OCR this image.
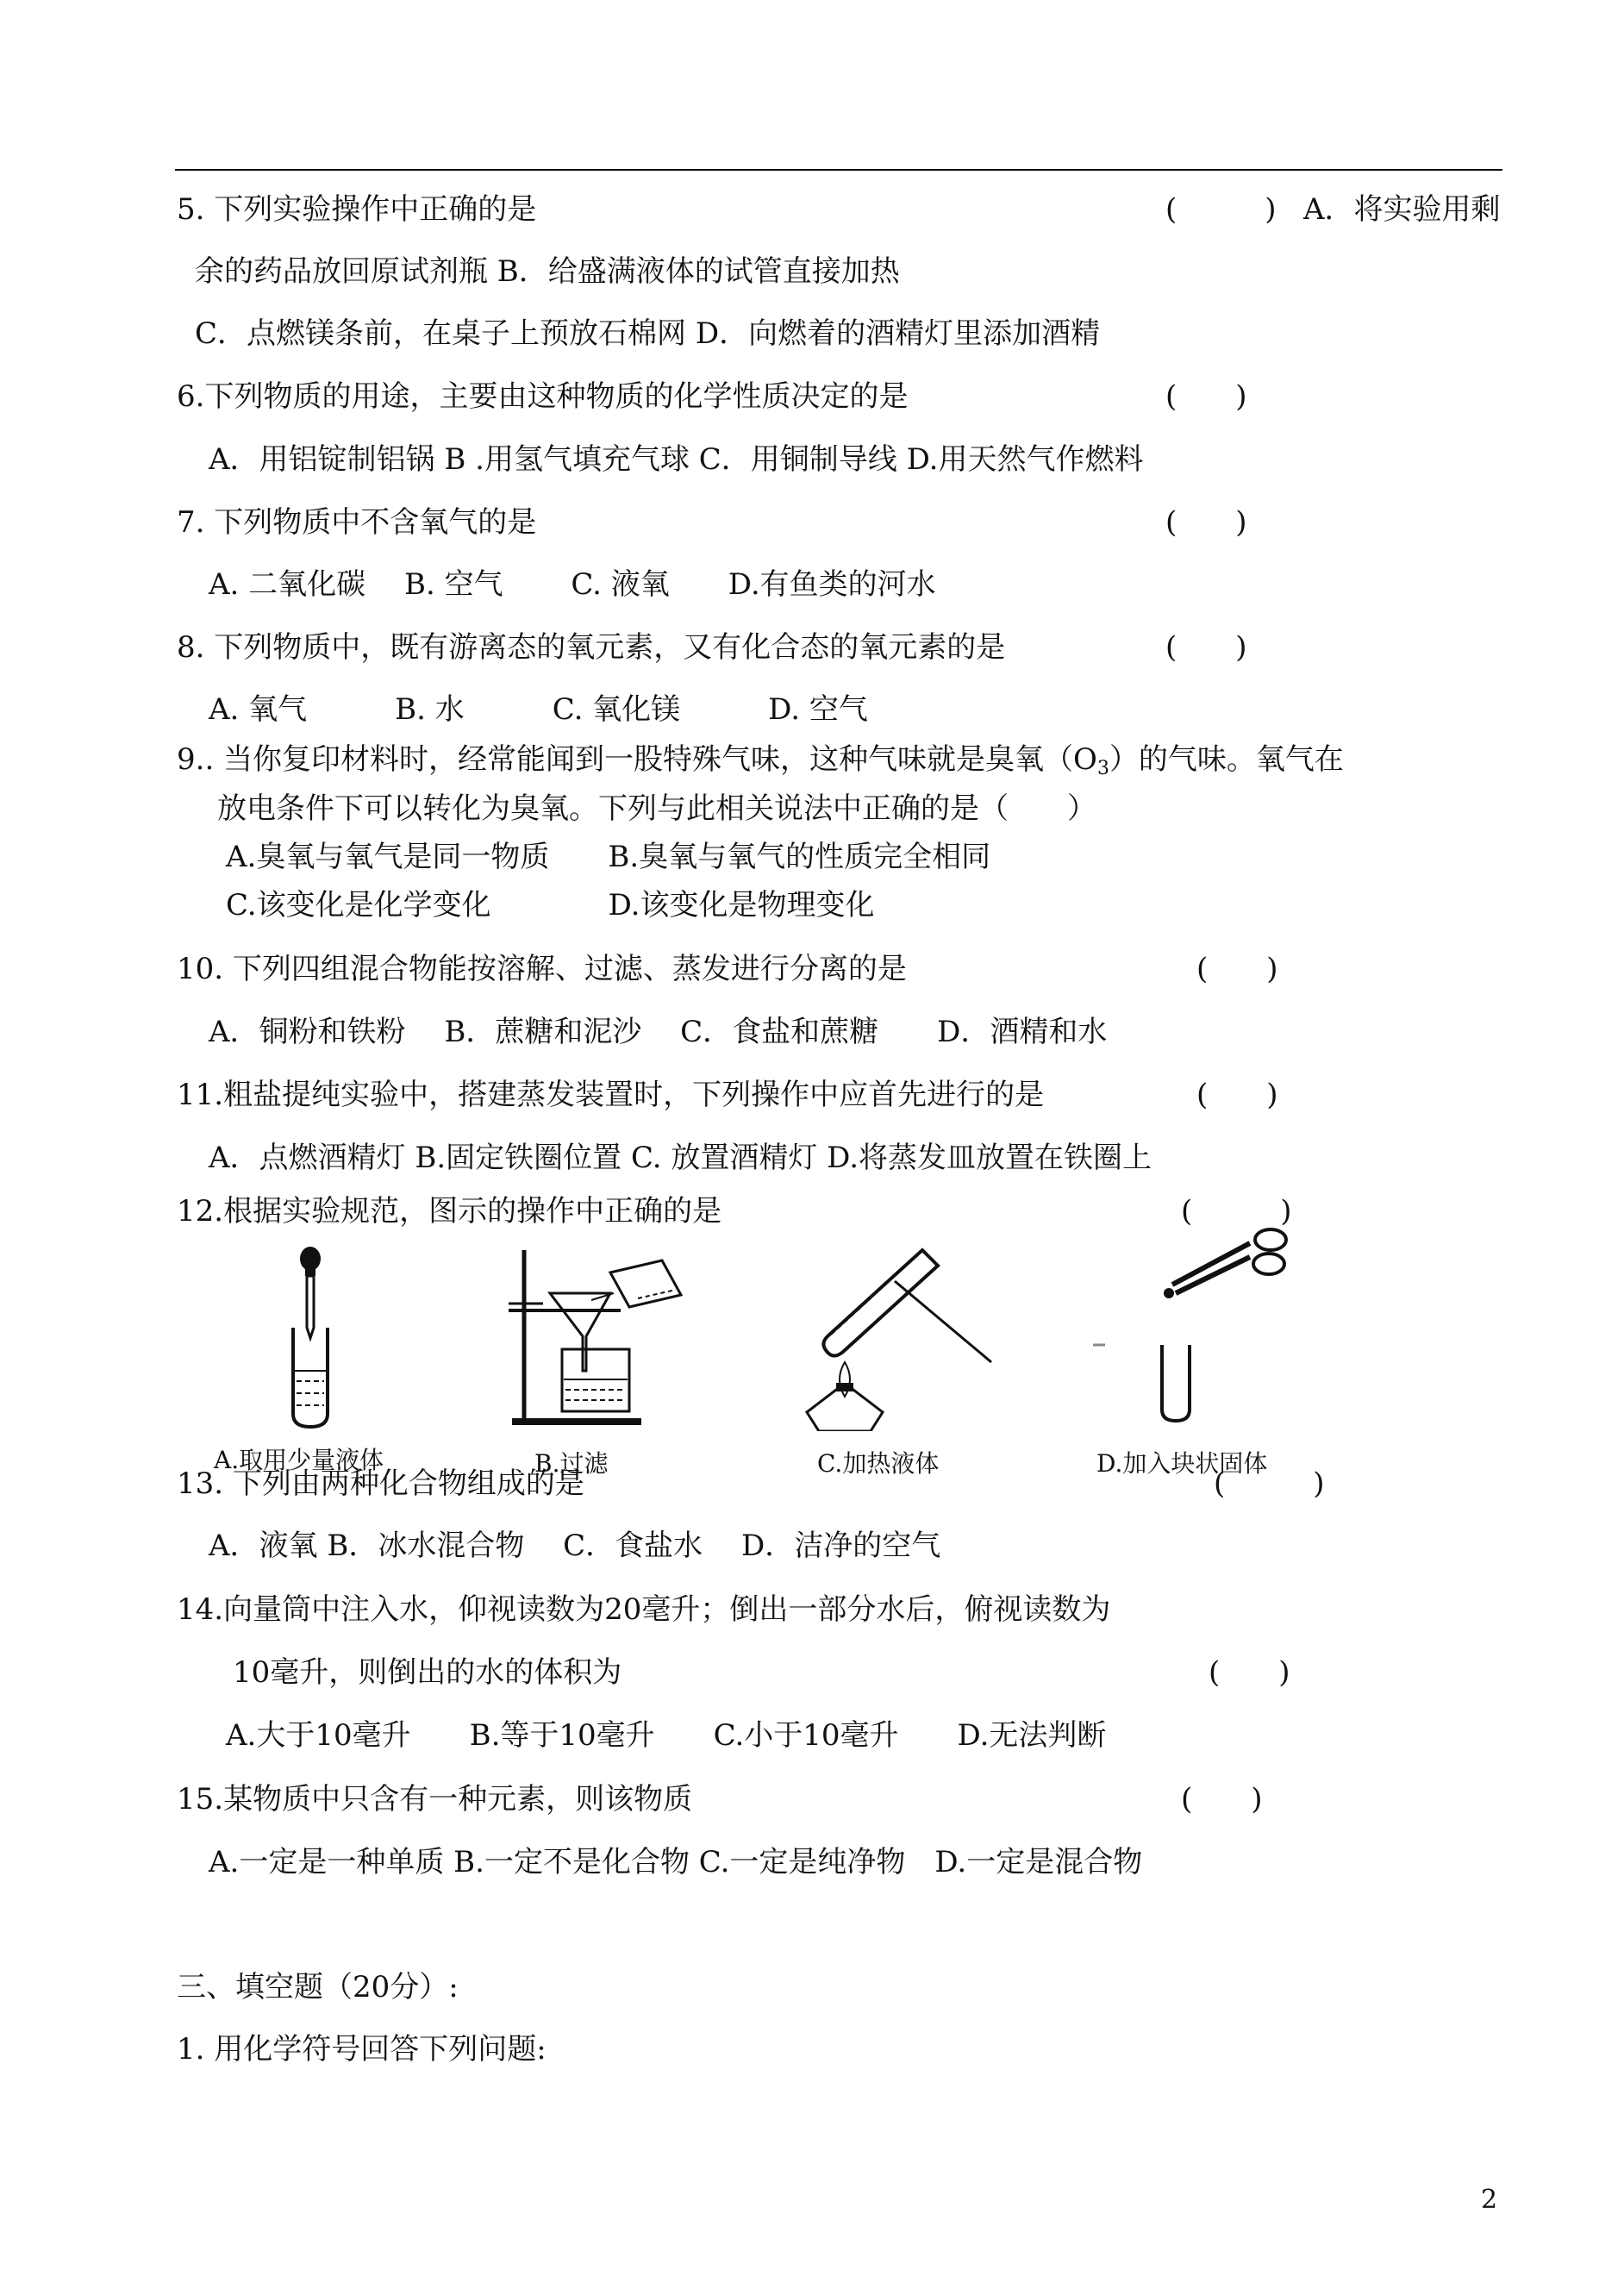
5. 下列实验操作中正确的是	(　　　) A．将实验用剩
余的药品放回原试剂瓶 B．给盛满液体的试管直接加热
C．点燃镁条前，在桌子上预放石棉网 D．向燃着的酒精灯里添加酒精
6.下列物质的用途，主要由这种物质的化学性质决定的是	(　　)
A．用铝锭制铝锅 B .用氢气填充气球 C．用铜制导线 D.用天然气作燃料
7. 下列物质中不含氧气的是	(　　)
A. 二氧化碳　 B. 空气　　 C. 液氧　　D.有鱼类的河水
8. 下列物质中，既有游离态的氧元素，又有化合态的氧元素的是	(　　)
A. 氧气　　　B. 水　　　C. 氧化镁　　　D. 空气
9.. 当你复印材料时，经常能闻到一股特殊气味，这种气味就是臭氧$(O_3)$的气味。氧气在
放电条件下可以转化为臭氧。下列与此相关说法中正确的是（　　）
A.臭氧与氧气是同一物质　　B.臭氧与氧气的性质完全相同
C.该变化是化学变化　　　　D.该变化是物理变化
10. 下列四组混合物能按溶解、过滤、蒸发进行分离的是	(　　)
A．铜粉和铁粉　 B．蔗糖和泥沙　 C．食盐和蔗糖　　D．酒精和水
11.粗盐提纯实验中，搭建蒸发装置时，下列操作中应首先进行的是	(　　)
A．点燃酒精灯 B.固定铁圈位置 C. 放置酒精灯 D.将蒸发皿放置在铁圈上
12.根据实验规范，图示的操作中正确的是	(　　　)
A.取用少量液体	B.过滤	C.加热液体	D.加入块状固体
13. 下列由两种化合物组成的是	(　　　)
A．液氧 B．冰水混合物　 C．食盐水　 D．洁净的空气
14.向量筒中注入水，仰视读数为20毫升；倒出一部分水后，俯视读数为
10毫升，则倒出的水的体积为	(　　)
A.大于10毫升　　B.等于10毫升　　C.小于10毫升　　D.无法判断
15.某物质中只含有一种元素，则该物质	(　　)
A.一定是一种单质 B.一定不是化合物 C.一定是纯净物　D.一定是混合物
三、填空题（20分）:
1. 用化学符号回答下列问题:
2
